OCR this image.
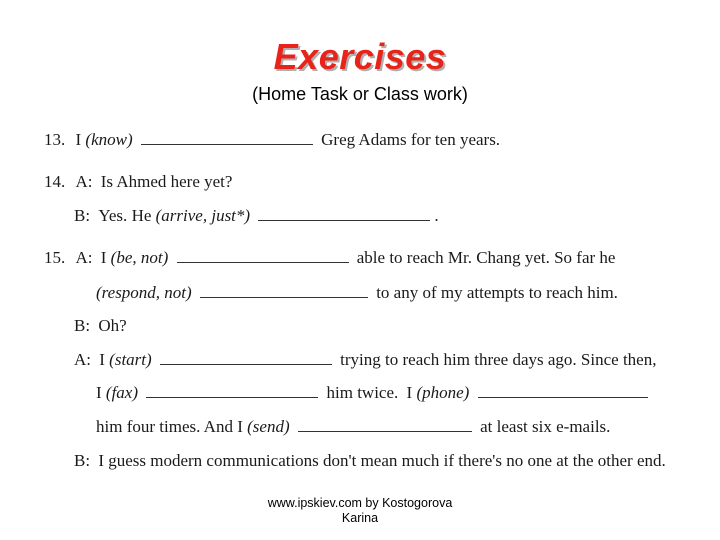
Exercises
(Home Task or Class work)
13. I (know)	Greg Adams for ten years.
14. A: Is Ahmed here yet?
B: Yes. He (arrive, just*)	.
15. A: I (be, not)	able to reach Mr. Chang yet. So far he
(respond, not)	to any of my attempts to reach him.
B: Oh?
A: I (start)	trying to reach him three days ago. Since then,
I (fax)	him twice. I (phone)
him four times. And I (send)	at least six e-mails.
B: I guess modern communications don't mean much if there's no one at the other end.
www.ipskiev.com by Kostogorova
Karina
